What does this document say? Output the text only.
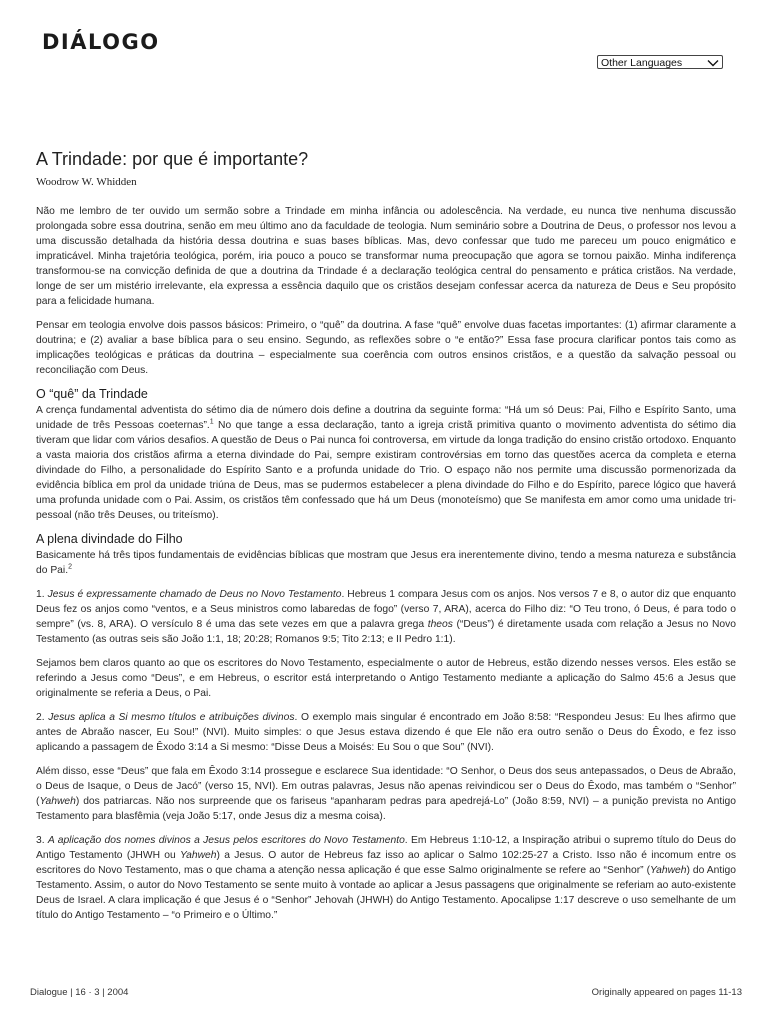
DIÁLOGO
Other Languages
A Trindade: por que é importante?
Woodrow W. Whidden

Não me lembro de ter ouvido um sermão sobre a Trindade em minha infância ou adolescência. Na verdade, eu nunca tive nenhuma discussão prolongada sobre essa doutrina, senão em meu último ano da faculdade de teologia. Num seminário sobre a Doutrina de Deus, o professor nos levou a uma discussão detalhada da história dessa doutrina e suas bases bíblicas. Mas, devo confessar que tudo me pareceu um pouco enigmático e impraticável. Minha trajetória teológica, porém, iria pouco a pouco se transformar numa preocupação que agora se tornou paixão. Minha indiferença transformou-se na convicção definida de que a doutrina da Trindade é a declaração teológica central do pensamento e prática cristãos. Na verdade, longe de ser um mistério irrelevante, ela expressa a essência daquilo que os cristãos desejam confessar acerca da natureza de Deus e Seu propósito para a felicidade humana.

Pensar em teologia envolve dois passos básicos: Primeiro, o “quê” da doutrina. A fase “quê” envolve duas facetas importantes: (1) afirmar claramente a doutrina; e (2) avaliar a base bíblica para o seu ensino. Segundo, as reflexões sobre o “e então?” Essa fase procura clarificar pontos tais como as implicações teológicas e práticas da doutrina – especialmente sua coerência com outros ensinos cristãos, e a questão da salvação pessoal ou reconciliação com Deus.

O “quê” da Trindade

A crença fundamental adventista do sétimo dia de número dois define a doutrina da seguinte forma: “Há um só Deus: Pai, Filho e Espírito Santo, uma unidade de três Pessoas coeternas”.$^1$ No que tange a essa declaração, tanto a igreja cristã primitiva quanto o movimento adventista do sétimo dia tiveram que lidar com vários desafios. A questão de Deus o Pai nunca foi controversa, em virtude da longa tradição do ensino cristão ortodoxo. Enquanto a vasta maioria dos cristãos afirma a eterna divindade do Pai, sempre existiram controvérsias em torno das questões acerca da completa e eterna divindade do Filho, a personalidade do Espírito Santo e a profunda unidade do Trio. O espaço não nos permite uma discussão pormenorizada da evidência bíblica em prol da unidade triúna de Deus, mas se pudermos estabelecer a plena divindade do Filho e do Espírito, parece lógico que haverá uma profunda unidade com o Pai. Assim, os cristãos têm confessado que há um Deus (monoteísmo) que Se manifesta em amor como uma unidade tri-pessoal (não três Deuses, ou triteísmo).

A plena divindade do Filho

Basicamente há três tipos fundamentais de evidências bíblicas que mostram que Jesus era inerentemente divino, tendo a mesma natureza e substância do Pai.$^2$

1. Jesus é expressamente chamado de Deus no Novo Testamento. Hebreus 1 compara Jesus com os anjos. Nos versos 7 e 8, o autor diz que enquanto Deus fez os anjos como “ventos, e a Seus ministros como labaredas de fogo” (verso 7, ARA), acerca do Filho diz: “O Teu trono, ó Deus, é para todo o sempre” (vs. 8, ARA). O versículo 8 é uma das sete vezes em que a palavra grega theos (“Deus”) é diretamente usada com relação a Jesus no Novo Testamento (as outras seis são João 1:1, 18; 20:28; Romanos 9:5; Tito 2:13; e II Pedro 1:1).

Sejamos bem claros quanto ao que os escritores do Novo Testamento, especialmente o autor de Hebreus, estão dizendo nesses versos. Eles estão se referindo a Jesus como “Deus”, e em Hebreus, o escritor está interpretando o Antigo Testamento mediante a aplicação do Salmo 45:6 a Jesus que originalmente se referia a Deus, o Pai.

2. Jesus aplica a Si mesmo títulos e atribuições divinos. O exemplo mais singular é encontrado em João 8:58: “Respondeu Jesus: Eu lhes afirmo que antes de Abraão nascer, Eu Sou!” (NVI). Muito simples: o que Jesus estava dizendo é que Ele não era outro senão o Deus do Êxodo, e fez isso aplicando a passagem de Êxodo 3:14 a Si mesmo: “Disse Deus a Moisés: Eu Sou o que Sou” (NVI).

Além disso, esse “Deus” que fala em Êxodo 3:14 prossegue e esclarece Sua identidade: “O Senhor, o Deus dos seus antepassados, o Deus de Abraão, o Deus de Isaque, o Deus de Jacó” (verso 15, NVI). Em outras palavras, Jesus não apenas reivindicou ser o Deus do Êxodo, mas também o “Senhor” (Yahweh) dos patriarcas. Não nos surpreende que os fariseus “apanharam pedras para apedrejá-Lo” (João 8:59, NVI) – a punição prevista no Antigo Testamento para blasfêmia (veja João 5:17, onde Jesus diz a mesma coisa).

3. A aplicação dos nomes divinos a Jesus pelos escritores do Novo Testamento. Em Hebreus 1:10-12, a Inspiração atribui o supremo título do Deus do Antigo Testamento (JHWH ou Yahweh) a Jesus. O autor de Hebreus faz isso ao aplicar o Salmo 102:25-27 a Cristo. Isso não é incomum entre os escritores do Novo Testamento, mas o que chama a atenção nessa aplicação é que esse Salmo originalmente se refere ao “Senhor” (Yahweh) do Antigo Testamento. Assim, o autor do Novo Testamento se sente muito à vontade ao aplicar a Jesus passagens que originalmente se referiam ao auto-existente Deus de Israel. A clara implicação é que Jesus é o “Senhor” Jehovah (JHWH) do Antigo Testamento. Apocalipse 1:17 descreve o uso semelhante de um título do Antigo Testamento – “o Primeiro e o Último.”

Dialogue | 16 · 3 | 2004	Originally appeared on pages 11-13
